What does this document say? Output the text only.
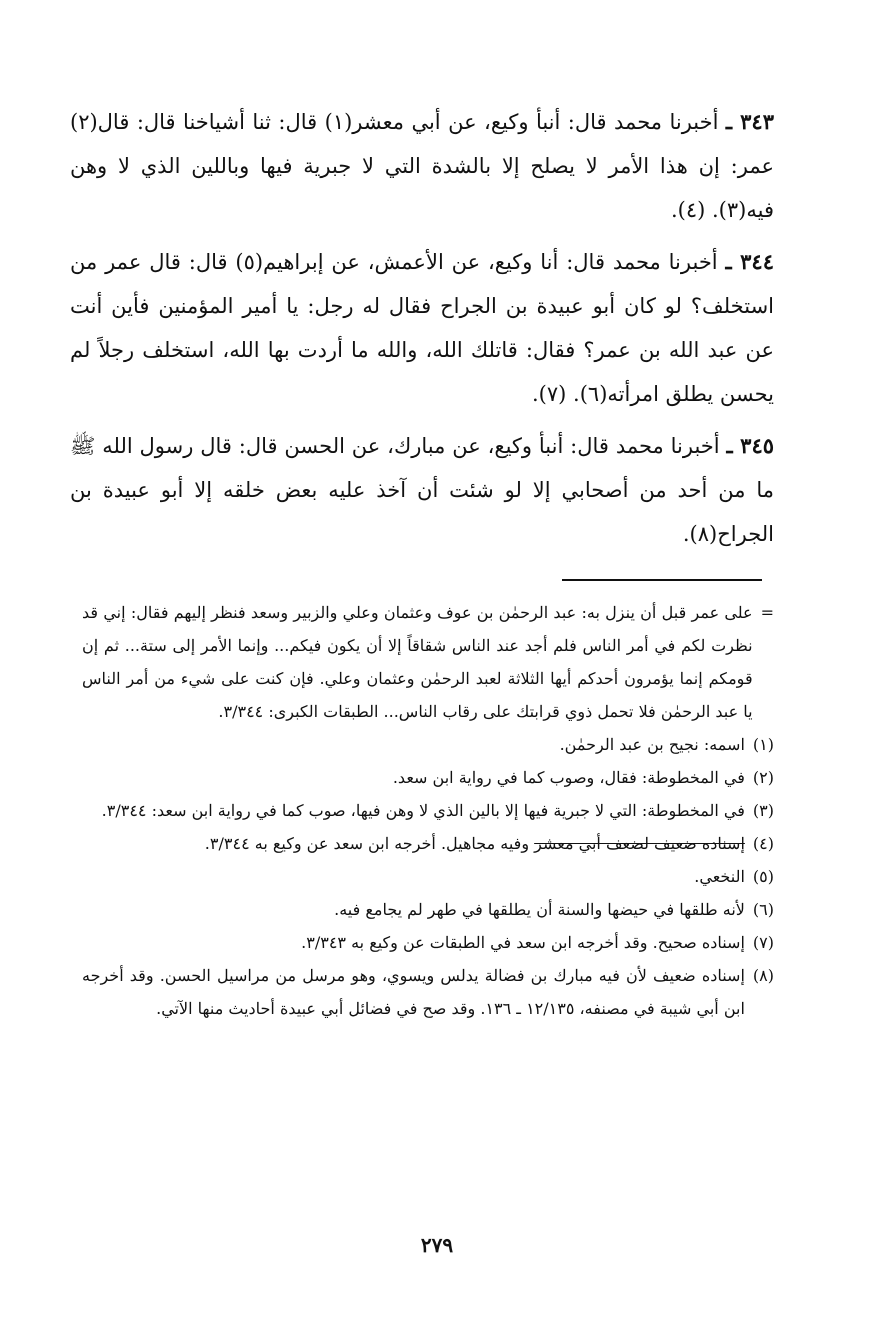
٣٤٣ ـ أخبرنا محمد قال: أنبأ وكيع، عن أبي معشر(١) قال: ثنا أشياخنا قال: قال(٢) عمر: إن هذا الأمر لا يصلح إلا بالشدة التي لا جبرية فيها وباللين الذي لا وهن فيه(٣). (٤).

٣٤٤ ـ أخبرنا محمد قال: أنا وكيع، عن الأعمش، عن إبراهيم(٥) قال: قال عمر من استخلف؟ لو كان أبو عبيدة بن الجراح فقال له رجل: يا أمير المؤمنين فأين أنت عن عبد الله بن عمر؟ فقال: قاتلك الله، والله ما أردت بها الله، استخلف رجلاً لم يحسن يطلق امرأته(٦). (٧).

٣٤٥ ـ أخبرنا محمد قال: أنبأ وكيع، عن مبارك، عن الحسن قال: قال رسول الله ﷺ ما من أحد من أصحابي إلا لو شئت أن آخذ عليه بعض خلقه إلا أبو عبيدة بن الجراح(٨).

=
على عمر قبل أن ينزل به: عبد الرحمٰن بن عوف وعثمان وعلي والزبير وسعد فنظر إليهم فقال: إني قد نظرت لكم في أمر الناس فلم أجد عند الناس شقاقاً إلا أن يكون فيكم... وإنما الأمر إلى ستة... ثم إن قومكم إنما يؤمرون أحدكم أيها الثلاثة لعبد الرحمٰن وعثمان وعلي. فإن كنت على شيء من أمر الناس يا عبد الرحمٰن فلا تحمل ذوي قرابتك على رقاب الناس... الطبقات الكبرى: ٣/٣٤٤.
(١)
اسمه: نجيح بن عبد الرحمٰن.
(٢)
في المخطوطة: فقال، وصوب كما في رواية ابن سعد.
(٣)
في المخطوطة: التي لا جبرية فيها إلا بالين الذي لا وهن فيها، صوب كما في رواية ابن سعد: ٣/٣٤٤.
(٤)
إسناده ضعيف لضعف أبي معشر وفيه مجاهيل. أخرجه ابن سعد عن وكيع به ٣/٣٤٤.
(٥)
النخعي.
(٦)
لأنه طلقها في حيضها والسنة أن يطلقها في طهر لم يجامع فيه.
(٧)
إسناده صحيح. وقد أخرجه ابن سعد في الطبقات عن وكيع به ٣/٣٤٣.
(٨)
إسناده ضعيف لأن فيه مبارك بن فضالة يدلس ويسوي، وهو مرسل من مراسيل الحسن. وقد أخرجه ابن أبي شيبة في مصنفه، ١٢/١٣٥ ـ ١٣٦. وقد صح في فضائل أبي عبيدة أحاديث منها الآتي.
٢٧٩
